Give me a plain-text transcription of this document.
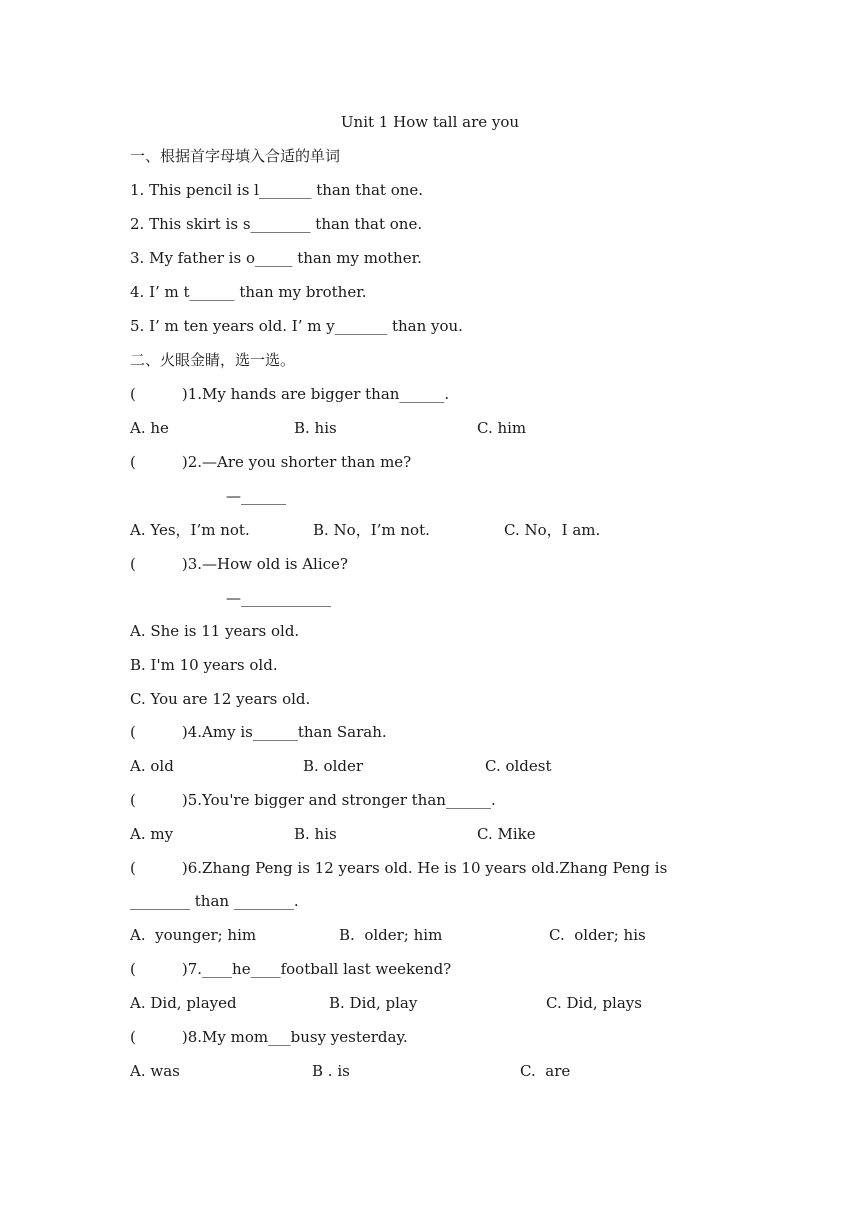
Unit 1 How tall are you
一、根据首字母填入合适的单词
1. This pencil is l_______ than that one.
2. This skirt is s________ than that one.
3. My father is o_____ than my mother.
4. I’ m t______ than my brother.
5. I’ m ten years old. I’ m y_______ than you.
二、火眼金睛，选一选。
(	)1.My hands are bigger than______.
A. he	B. his	C. him
(	)2.—Are you shorter than me?
—______
A. Yes，I’m not.	B. No，I’m not.	C. No，I am.
(	)3.—How old is Alice?
—____________
A. She is 11 years old.
B. I'm 10 years old.
C. You are 12 years old.
(	)4.Amy is______than Sarah.
A. old	B. older	C. oldest
(	)5.You're bigger and stronger than______.
A. my	B. his	C. Mike
(	)6.Zhang Peng is 12 years old. He is 10 years old.Zhang Peng is
________ than ________.
A.  younger; him	B.  older; him	C.  older; his
(	)7.____he____football last weekend?
A. Did, played	B. Did, play	C. Did, plays
(	)8.My mom___busy yesterday.
A. was	B . is	C.  are
